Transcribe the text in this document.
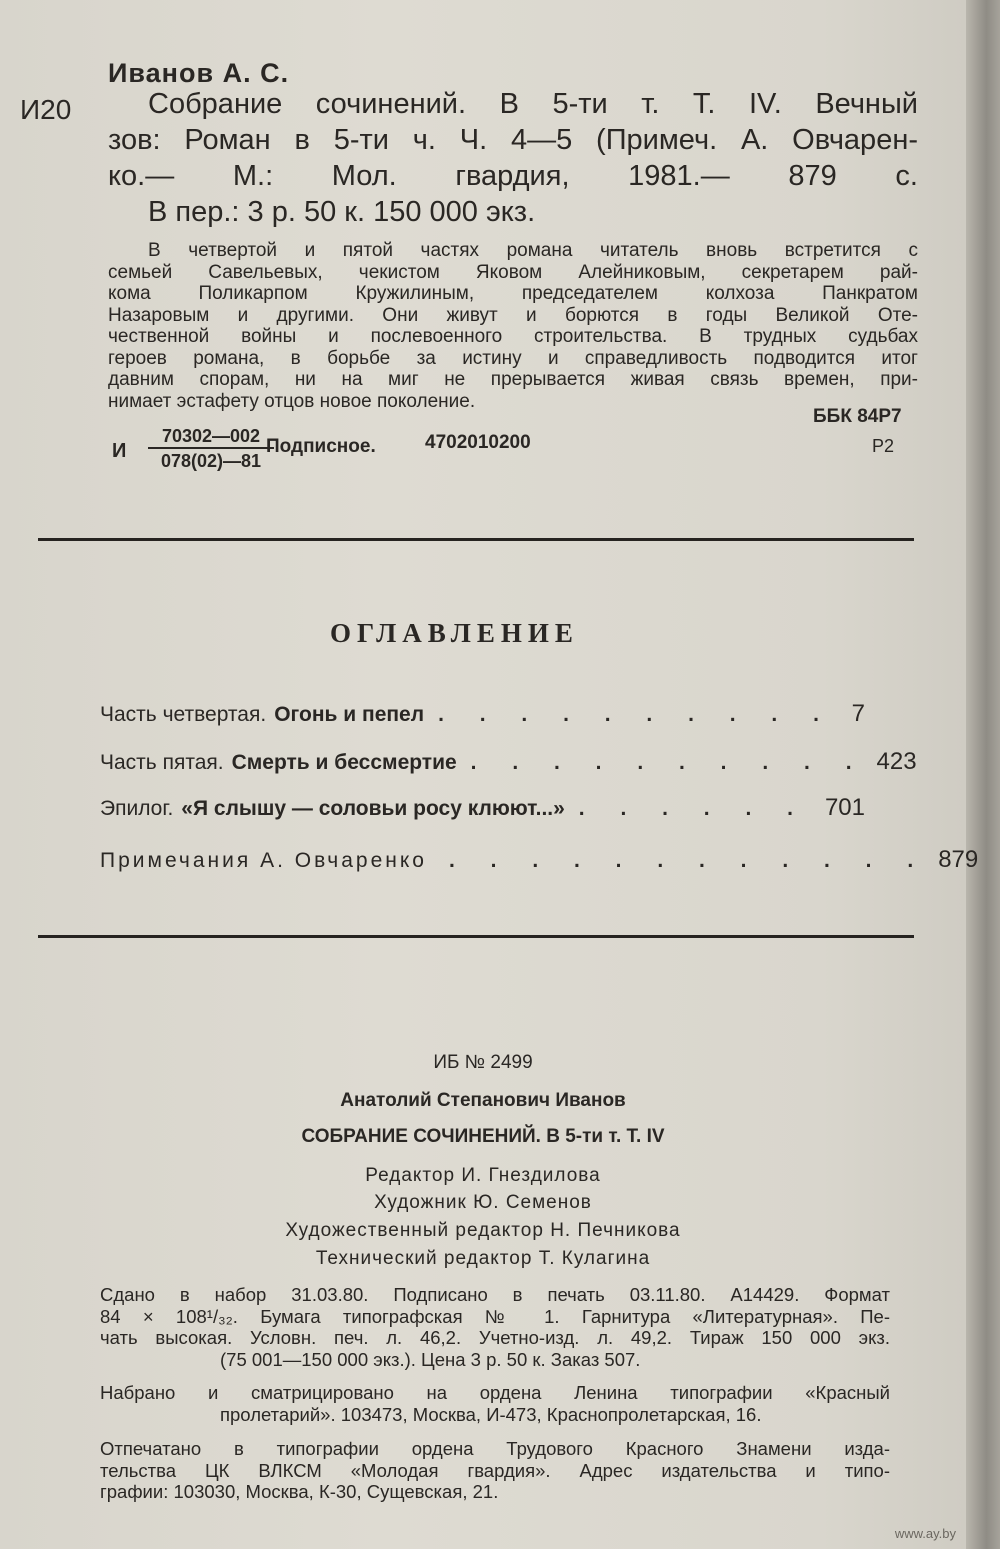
Иванов А. С.
И20	Собрание сочинений. В 5-ти т. Т. IV. Вечный
зов: Роман в 5-ти ч. Ч. 4—5 (Примеч. А. Овчарен-
ко.— М.: Мол. гвардия, 1981.— 879 с.
В пер.: 3 р. 50 к. 150 000 экз.
В четвертой и пятой частях романа читатель вновь встретится с
семьей Савельевых, чекистом Яковом Алейниковым, секретарем рай-
кома Поликарпом Кружилиным, председателем колхоза Панкратом
Назаровым и другими. Они живут и борются в годы Великой Оте-
чественной войны и послевоенного строительства. В трудных судьбах
героев романа, в борьбе за истину и справедливость подводится итог
давним спорам, ни на миг не прерывается живая связь времен, при-
нимает эстафету отцов новое поколение.
ББК 84Р7
Р2
И $\frac{70302—002}{078(02)—81}$
Подписное.	4702010200
ОГЛАВЛЕНИЕ
Часть четвертая. Огонь и пепел . . . . . . . . . . 7
Часть пятая. Смерть и бессмертие . . . . . . . . . . 423
Эпилог. «Я слышу — соловьи росу клюют...» . . . . . . 701
Примечания А. Овчаренко	. . . . . . . . . . . . 879
ИБ № 2499
Анатолий Степанович Иванов
СОБРАНИЕ СОЧИНЕНИЙ. В 5-ти т. Т. IV
Редактор И. Гнездилова
Художник Ю. Семенов
Художественный редактор Н. Печникова
Технический редактор Т. Кулагина
Сдано в набор 31.03.80. Подписано в печать 03.11.80. А14429. Формат
84 × 108¹/₃₂. Бумага типографская № 1. Гарнитура «Литературная». Пе-
чать высокая. Условн. печ. л. 46,2. Учетно-изд. л. 49,2. Тираж 150 000 экз.
(75 001—150 000 экз.). Цена 3 р. 50 к. Заказ 507.
Набрано и сматрицировано на ордена Ленина типографии «Красный
пролетарий». 103473, Москва, И-473, Краснопролетарская, 16.
Отпечатано в типографии ордена Трудового Красного Знамени изда-
тельства ЦК ВЛКСМ «Молодая гвардия». Адрес издательства и типо-
графии: 103030, Москва, К-30, Сущевская, 21.
www.ay.by
